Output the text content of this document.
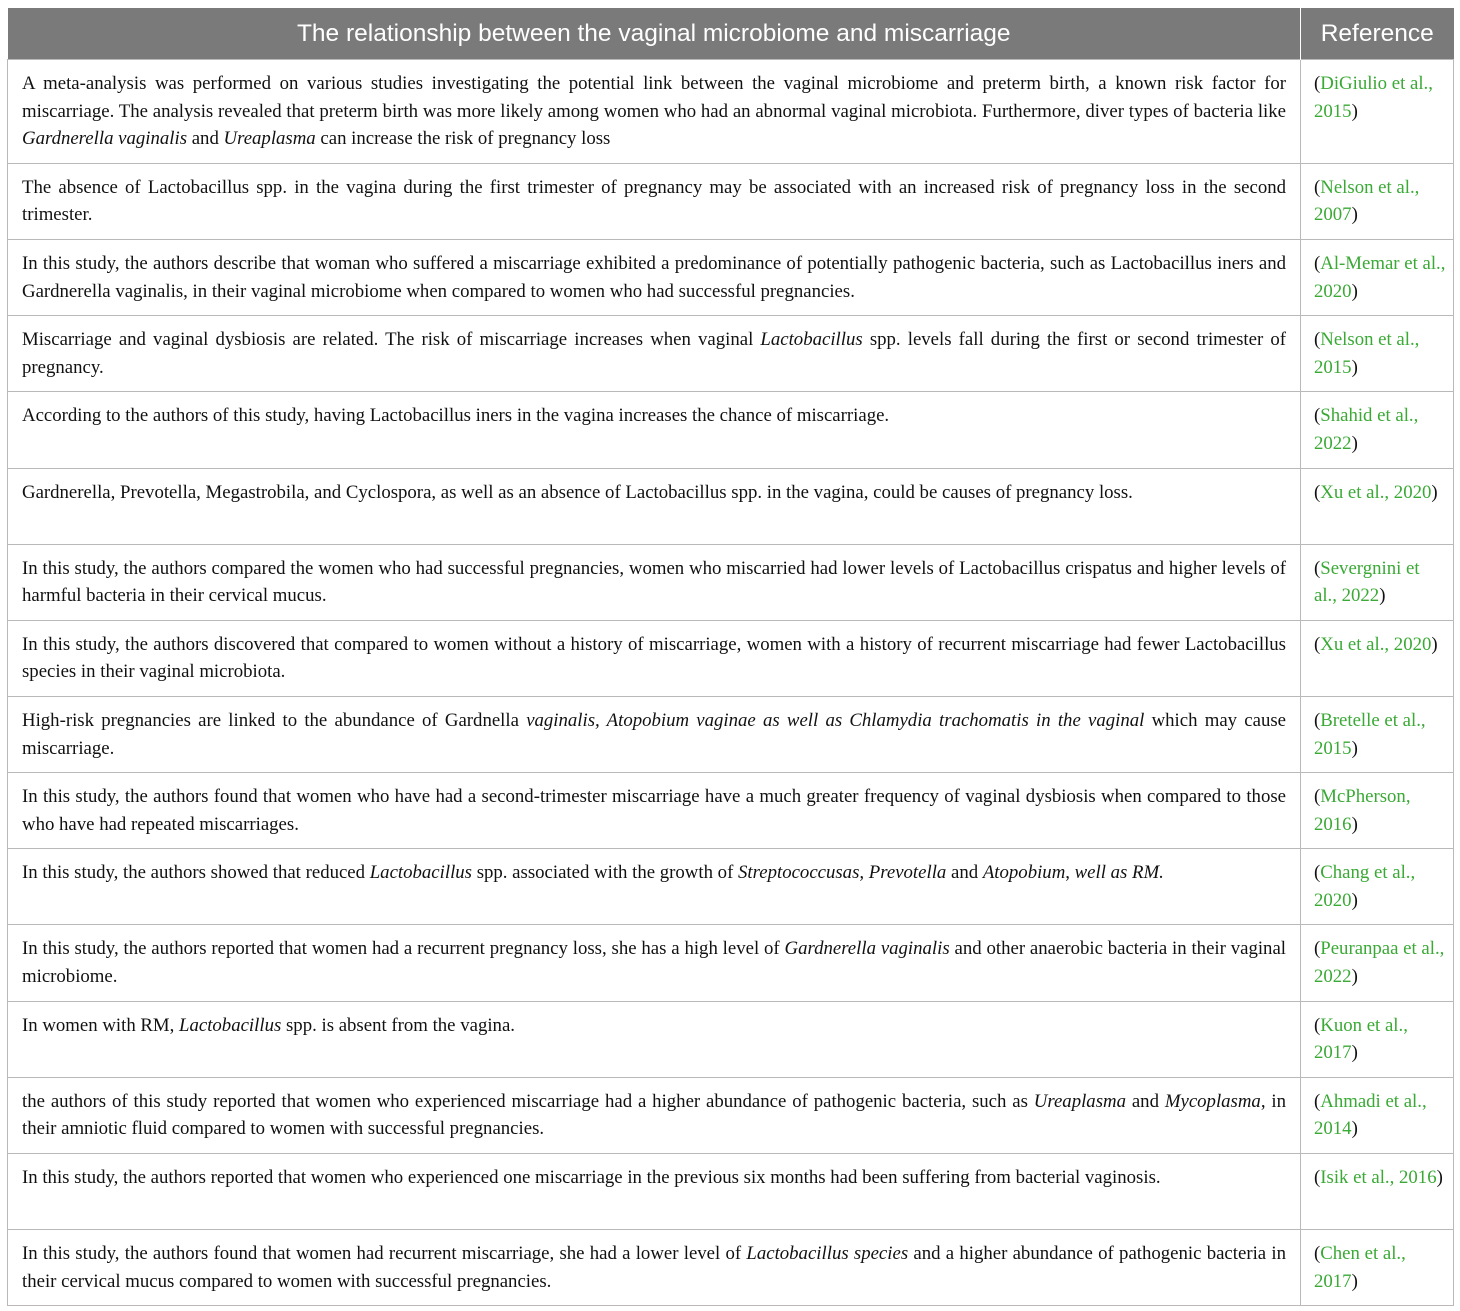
The relationship between the vaginal microbiome and miscarriage	Reference
A meta-analysis was performed on various studies investigating the potential link between the vaginal microbiome and preterm birth, a known risk factor for miscarriage. The analysis revealed that preterm birth was more likely among women who had an abnormal vaginal microbiota. Furthermore, diver types of bacteria like Gardnerella vaginalis and Ureaplasma can increase the risk of pregnancy loss	(DiGiulio et al., 2015)
The absence of Lactobacillus spp. in the vagina during the first trimester of pregnancy may be associated with an increased risk of pregnancy loss in the second trimester.	(Nelson et al., 2007)
In this study, the authors describe that woman who suffered a miscarriage exhibited a predominance of potentially pathogenic bacteria, such as Lactobacillus iners and Gardnerella vaginalis, in their vaginal microbiome when compared to women who had successful pregnancies.	(Al-Memar et al., 2020)
Miscarriage and vaginal dysbiosis are related. The risk of miscarriage increases when vaginal Lactobacillus spp. levels fall during the first or second trimester of pregnancy.	(Nelson et al., 2015)
According to the authors of this study, having Lactobacillus iners in the vagina increases the chance of miscarriage.	(Shahid et al., 2022)
Gardnerella, Prevotella, Megastrobila, and Cyclospora, as well as an absence of Lactobacillus spp. in the vagina, could be causes of pregnancy loss.	(Xu et al., 2020)
In this study, the authors compared the women who had successful pregnancies, women who miscarried had lower levels of Lactobacillus crispatus and higher levels of harmful bacteria in their cervical mucus.	(Severgnini et al., 2022)
In this study, the authors discovered that compared to women without a history of miscarriage, women with a history of recurrent miscarriage had fewer Lactobacillus species in their vaginal microbiota.	(Xu et al., 2020)
High-risk pregnancies are linked to the abundance of Gardnella vaginalis, Atopobium vaginae as well as Chlamydia trachomatis in the vaginal which may cause miscarriage.	(Bretelle et al., 2015)
In this study, the authors found that women who have had a second-trimester miscarriage have a much greater frequency of vaginal dysbiosis when compared to those who have had repeated miscarriages.	(McPherson, 2016)
In this study, the authors showed that reduced Lactobacillus spp. associated with the growth of Streptococcusas, Prevotella and Atopobium, well as RM.	(Chang et al., 2020)
In this study, the authors reported that women had a recurrent pregnancy loss, she has a high level of Gardnerella vaginalis and other anaerobic bacteria in their vaginal microbiome.	(Peuranpaa et al., 2022)
In women with RM, Lactobacillus spp. is absent from the vagina.	(Kuon et al., 2017)
the authors of this study reported that women who experienced miscarriage had a higher abundance of pathogenic bacteria, such as Ureaplasma and Mycoplasma, in their amniotic fluid compared to women with successful pregnancies.	(Ahmadi et al., 2014)
In this study, the authors reported that women who experienced one miscarriage in the previous six months had been suffering from bacterial vaginosis.	(Isik et al., 2016)
In this study, the authors found that women had recurrent miscarriage, she had a lower level of Lactobacillus species and a higher abundance of pathogenic bacteria in their cervical mucus compared to women with successful pregnancies.	(Chen et al., 2017)
